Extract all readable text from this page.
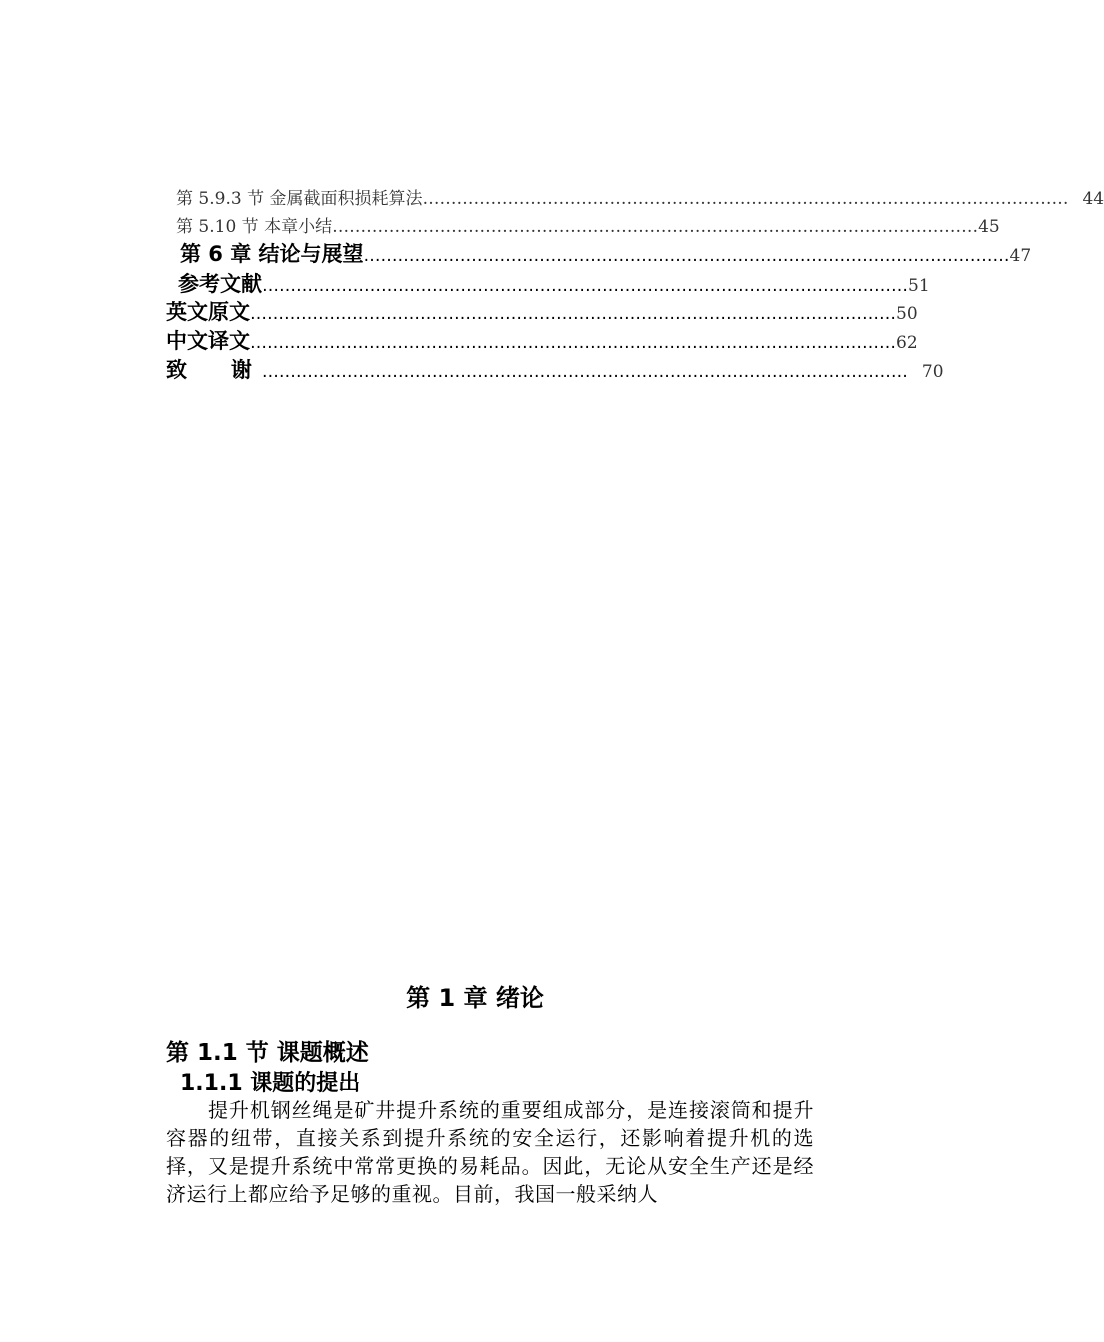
第 5.9.3 节 金属截面积损耗算法 …………………………………………………………………………………………………… 44
第 5.10 节 本章小结 …………………………………………………………………………………………………… 45
第 6 章 结论与展望 …………………………………………………………………………………………………… 47
参考文献 …………………………………………………………………………………………………… 51
英文原文 …………………………………………………………………………………………………… 50
中文译文 …………………………………………………………………………………………………… 62
致      谢 …………………………………………………………………………………………………… 70
第 1 章 绪论
第 1.1 节 课题概述
1.1.1 课题的提出
提升机钢丝绳是矿井提升系统的重要组成部分，是连接滚筒和提升容器的纽带，直接关系到提升系统的安全运行，还影响着提升机的选择，又是提升系统中常常更换的易耗品。因此，无论从安全生产还是经济运行上都应给予足够的重视。目前，我国一般采纳人
